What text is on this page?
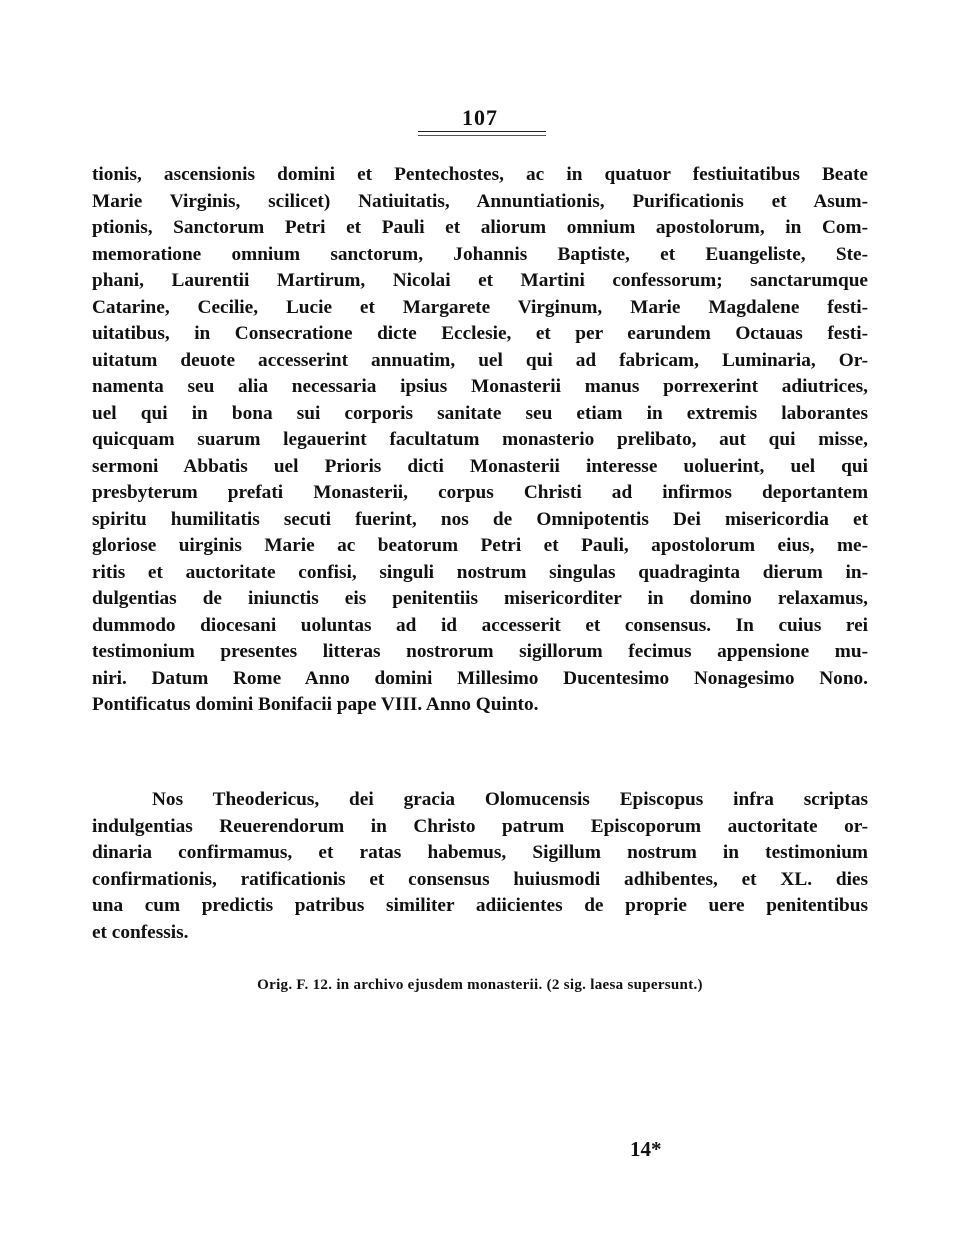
107
tionis, ascensionis domini et Pentechostes, ac in quatuor festiuitatibus Beate
Marie Virginis, scilicet) Natiuitatis, Annuntiationis, Purificationis et Asum-
ptionis, Sanctorum Petri et Pauli et aliorum omnium apostolorum, in Com-
memoratione omnium sanctorum, Johannis Baptiste, et Euangeliste, Ste-
phani, Laurentii Martirum, Nicolai et Martini confessorum; sanctarumque
Catarine, Cecilie, Lucie et Margarete Virginum, Marie Magdalene festi-
uitatibus, in Consecratione dicte Ecclesie, et per earundem Octauas festi-
uitatum deuote accesserint annuatim, uel qui ad fabricam, Luminaria, Or-
namenta seu alia necessaria ipsius Monasterii manus porrexerint adiutrices,
uel qui in bona sui corporis sanitate seu etiam in extremis laborantes
quicquam suarum legauerint facultatum monasterio prelibato, aut qui misse,
sermoni Abbatis uel Prioris dicti Monasterii interesse uoluerint, uel qui
presbyterum prefati Monasterii, corpus Christi ad infirmos deportantem
spiritu humilitatis secuti fuerint, nos de Omnipotentis Dei misericordia et
gloriose uirginis Marie ac beatorum Petri et Pauli, apostolorum eius, me-
ritis et auctoritate confisi, singuli nostrum singulas quadraginta dierum in-
dulgentias de iniunctis eis penitentiis misericorditer in domino relaxamus,
dummodo diocesani uoluntas ad id accesserit et consensus. In cuius rei
testimonium presentes litteras nostrorum sigillorum fecimus appensione mu-
niri. Datum Rome Anno domini Millesimo Ducentesimo Nonagesimo Nono.
Pontificatus domini Bonifacii pape VIII. Anno Quinto.
Nos Theodericus, dei gracia Olomucensis Episcopus infra scriptas
indulgentias Reuerendorum in Christo patrum Episcoporum auctoritate or-
dinaria confirmamus, et ratas habemus, Sigillum nostrum in testimonium
confirmationis, ratificationis et consensus huiusmodi adhibentes, et XL. dies
una cum predictis patribus similiter adiicientes de proprie uere penitentibus
et confessis.
Orig. F. 12. in archivo ejusdem monasterii. (2 sig. laesa supersunt.)
14*
